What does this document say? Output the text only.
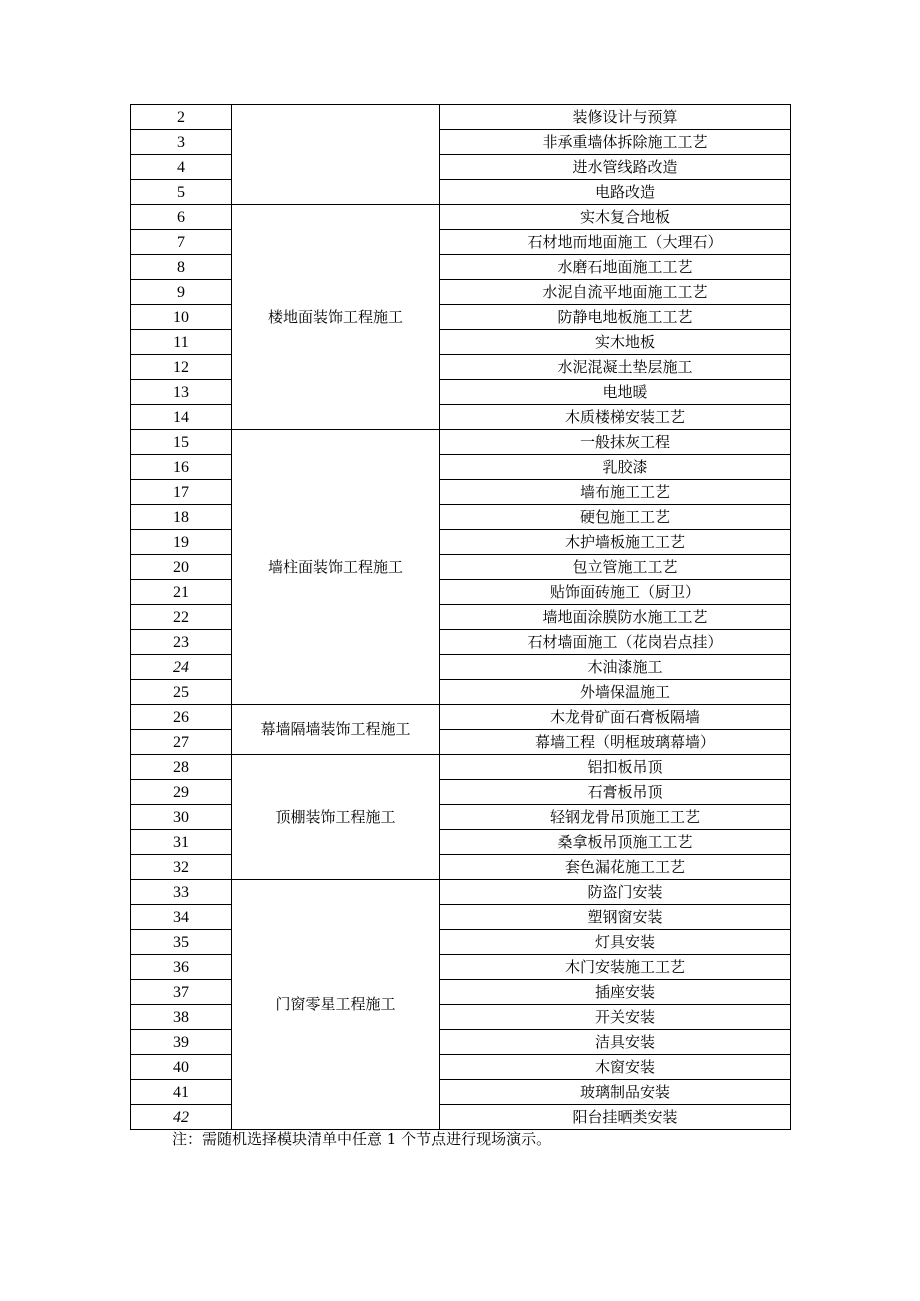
2		装修设计与预算
3		非承重墙体拆除施工工艺
4		进水管线路改造
5		电路改造
6	楼地面装饰工程施工	实木复合地板
7		石材地而地面施工（大理石）
8		水磨石地面施工工艺
9		水泥自流平地面施工工艺
10		防静电地板施工工艺
11		实木地板
12		水泥混凝土垫层施工
13		电地暖
14		木质楼梯安装工艺
15	墙柱面装饰工程施工	一般抹灰工程
16		乳胶漆
17		墙布施工工艺
18		硬包施工工艺
19		木护墙板施工工艺
20		包立管施工工艺
21		贴饰面砖施工（厨卫）
22		墙地面涂膜防水施工工艺
23		石材墙面施工（花岗岩点挂）
24		木油漆施工
25		外墙保温施工
26	幕墙隔墙装饰工程施工	木龙骨矿面石膏板隔墙
27		幕墙工程（明框玻璃幕墙）
28	顶棚装饰工程施工	铝扣板吊顶
29		石膏板吊顶
30		轻钢龙骨吊顶施工工艺
31		桑拿板吊顶施工工艺
32		套色漏花施工工艺
33	门窗零星工程施工	防盗门安装
34		塑钢窗安装
35		灯具安装
36		木门安装施工工艺
37		插座安装
38		开关安装
39		洁具安装
40		木窗安装
41		玻璃制品安装
42		阳台挂晒类安装
注：需随机选择模块清单中任意 1 个节点进行现场演示。
